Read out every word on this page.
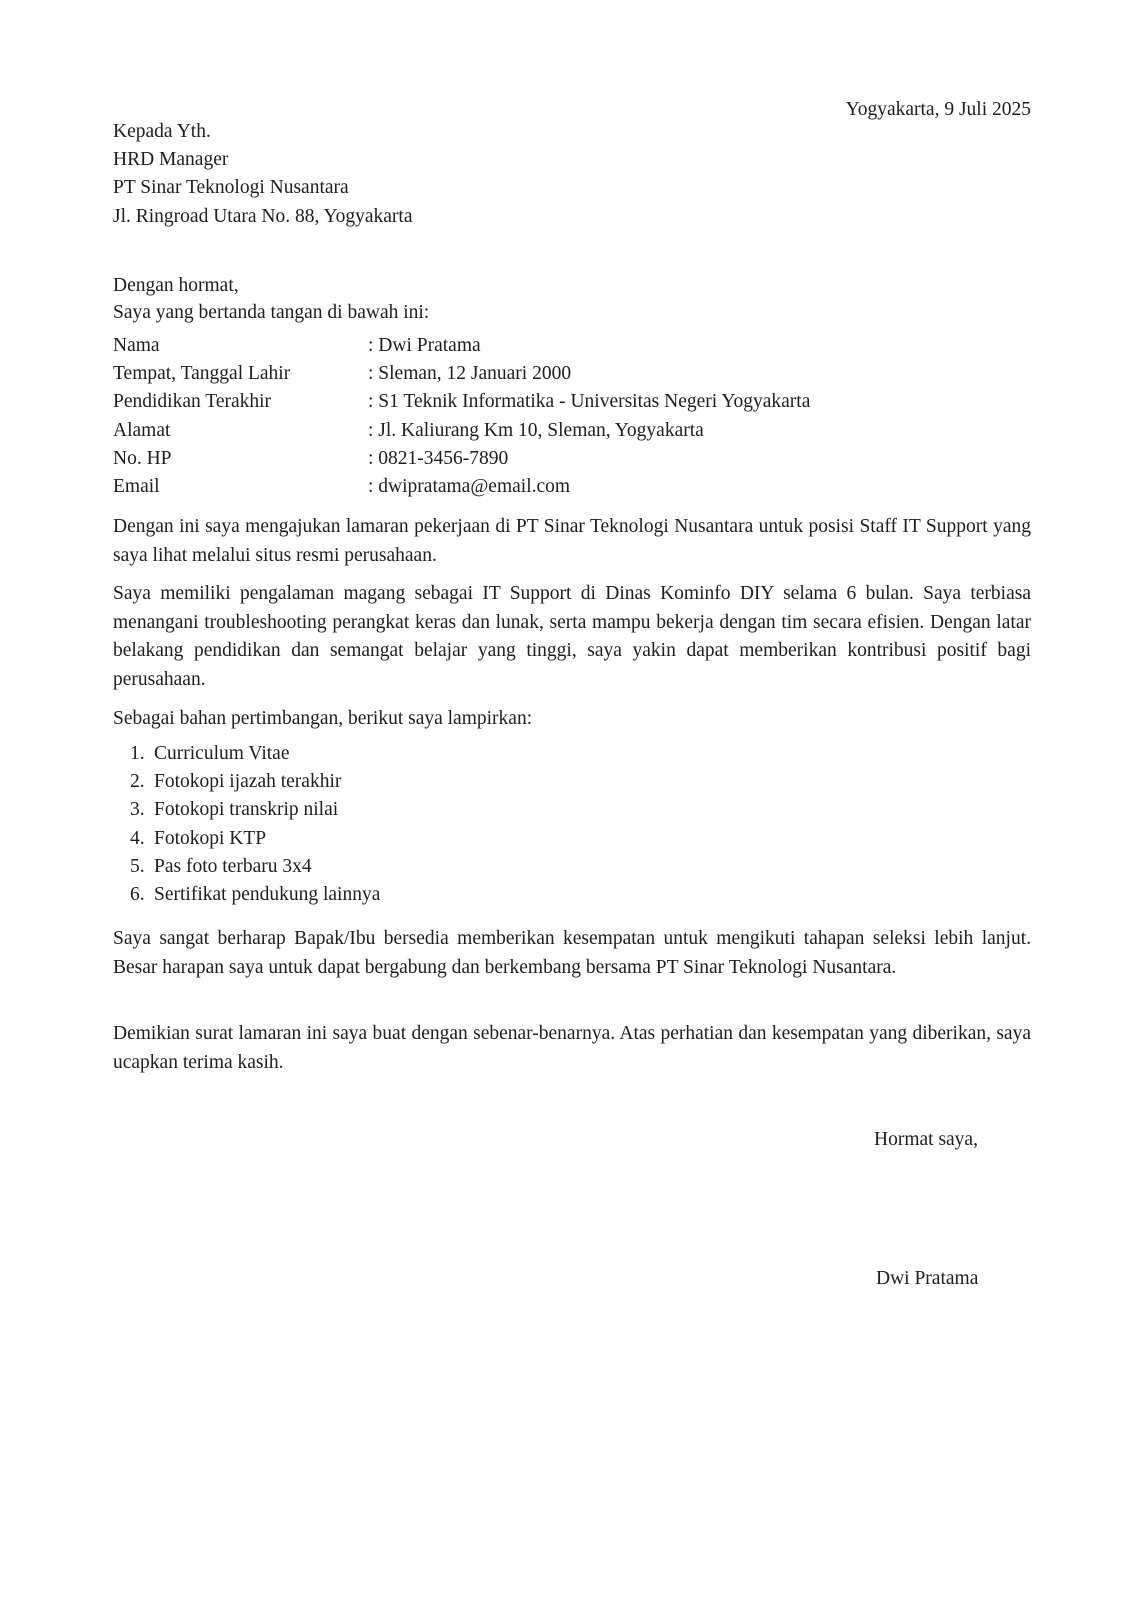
Yogyakarta, 9 Juli 2025
Kepada Yth.
HRD Manager
PT Sinar Teknologi Nusantara
Jl. Ringroad Utara No. 88, Yogyakarta
Dengan hormat,
Saya yang bertanda tangan di bawah ini:
Nama	: Dwi Pratama
Tempat, Tanggal Lahir	: Sleman, 12 Januari 2000
Pendidikan Terakhir	: S1 Teknik Informatika - Universitas Negeri Yogyakarta
Alamat	: Jl. Kaliurang Km 10, Sleman, Yogyakarta
No. HP	: 0821-3456-7890
Email	: dwipratama@email.com
Dengan ini saya mengajukan lamaran pekerjaan di PT Sinar Teknologi Nusantara untuk posisi Staff IT Support yang saya lihat melalui situs resmi perusahaan.
Saya memiliki pengalaman magang sebagai IT Support di Dinas Kominfo DIY selama 6 bulan. Saya terbiasa menangani troubleshooting perangkat keras dan lunak, serta mampu bekerja dengan tim secara efisien. Dengan latar belakang pendidikan dan semangat belajar yang tinggi, saya yakin dapat memberikan kontribusi positif bagi perusahaan.
Sebagai bahan pertimbangan, berikut saya lampirkan:
1. Curriculum Vitae
2. Fotokopi ijazah terakhir
3. Fotokopi transkrip nilai
4. Fotokopi KTP
5. Pas foto terbaru 3x4
6. Sertifikat pendukung lainnya
Saya sangat berharap Bapak/Ibu bersedia memberikan kesempatan untuk mengikuti tahapan seleksi lebih lanjut. Besar harapan saya untuk dapat bergabung dan berkembang bersama PT Sinar Teknologi Nusantara.
Demikian surat lamaran ini saya buat dengan sebenar-benarnya. Atas perhatian dan kesempatan yang diberikan, saya ucapkan terima kasih.
Hormat saya,
Dwi Pratama
